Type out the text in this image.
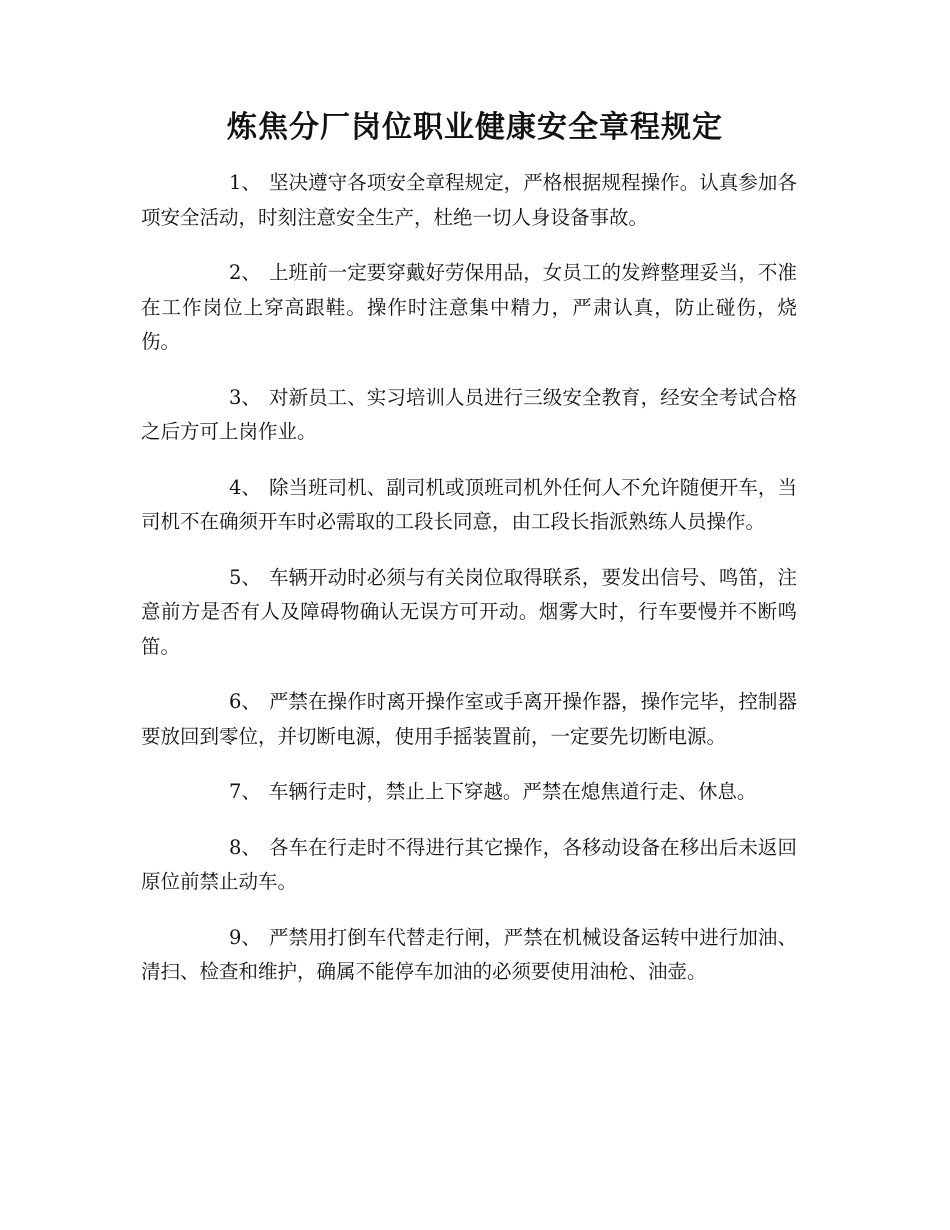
炼焦分厂岗位职业健康安全章程规定

1、 坚决遵守各项安全章程规定，严格根据规程操作。认真参加各项安全活动，时刻注意安全生产，杜绝一切人身设备事故。

2、 上班前一定要穿戴好劳保用品，女员工的发辫整理妥当，不准在工作岗位上穿高跟鞋。操作时注意集中精力，严肃认真，防止碰伤，烧伤。

3、 对新员工、实习培训人员进行三级安全教育，经安全考试合格之后方可上岗作业。

4、 除当班司机、副司机或顶班司机外任何人不允许随便开车，当司机不在确须开车时必需取的工段长同意，由工段长指派熟练人员操作。

5、 车辆开动时必须与有关岗位取得联系，要发出信号、鸣笛，注意前方是否有人及障碍物确认无误方可开动。烟雾大时，行车要慢并不断鸣笛。

6、 严禁在操作时离开操作室或手离开操作器，操作完毕，控制器要放回到零位，并切断电源，使用手摇装置前，一定要先切断电源。

7、 车辆行走时，禁止上下穿越。严禁在熄焦道行走、休息。

8、 各车在行走时不得进行其它操作，各移动设备在移出后未返回原位前禁止动车。

9、 严禁用打倒车代替走行闸，严禁在机械设备运转中进行加油、清扫、检查和维护，确属不能停车加油的必须要使用油枪、油壶。
